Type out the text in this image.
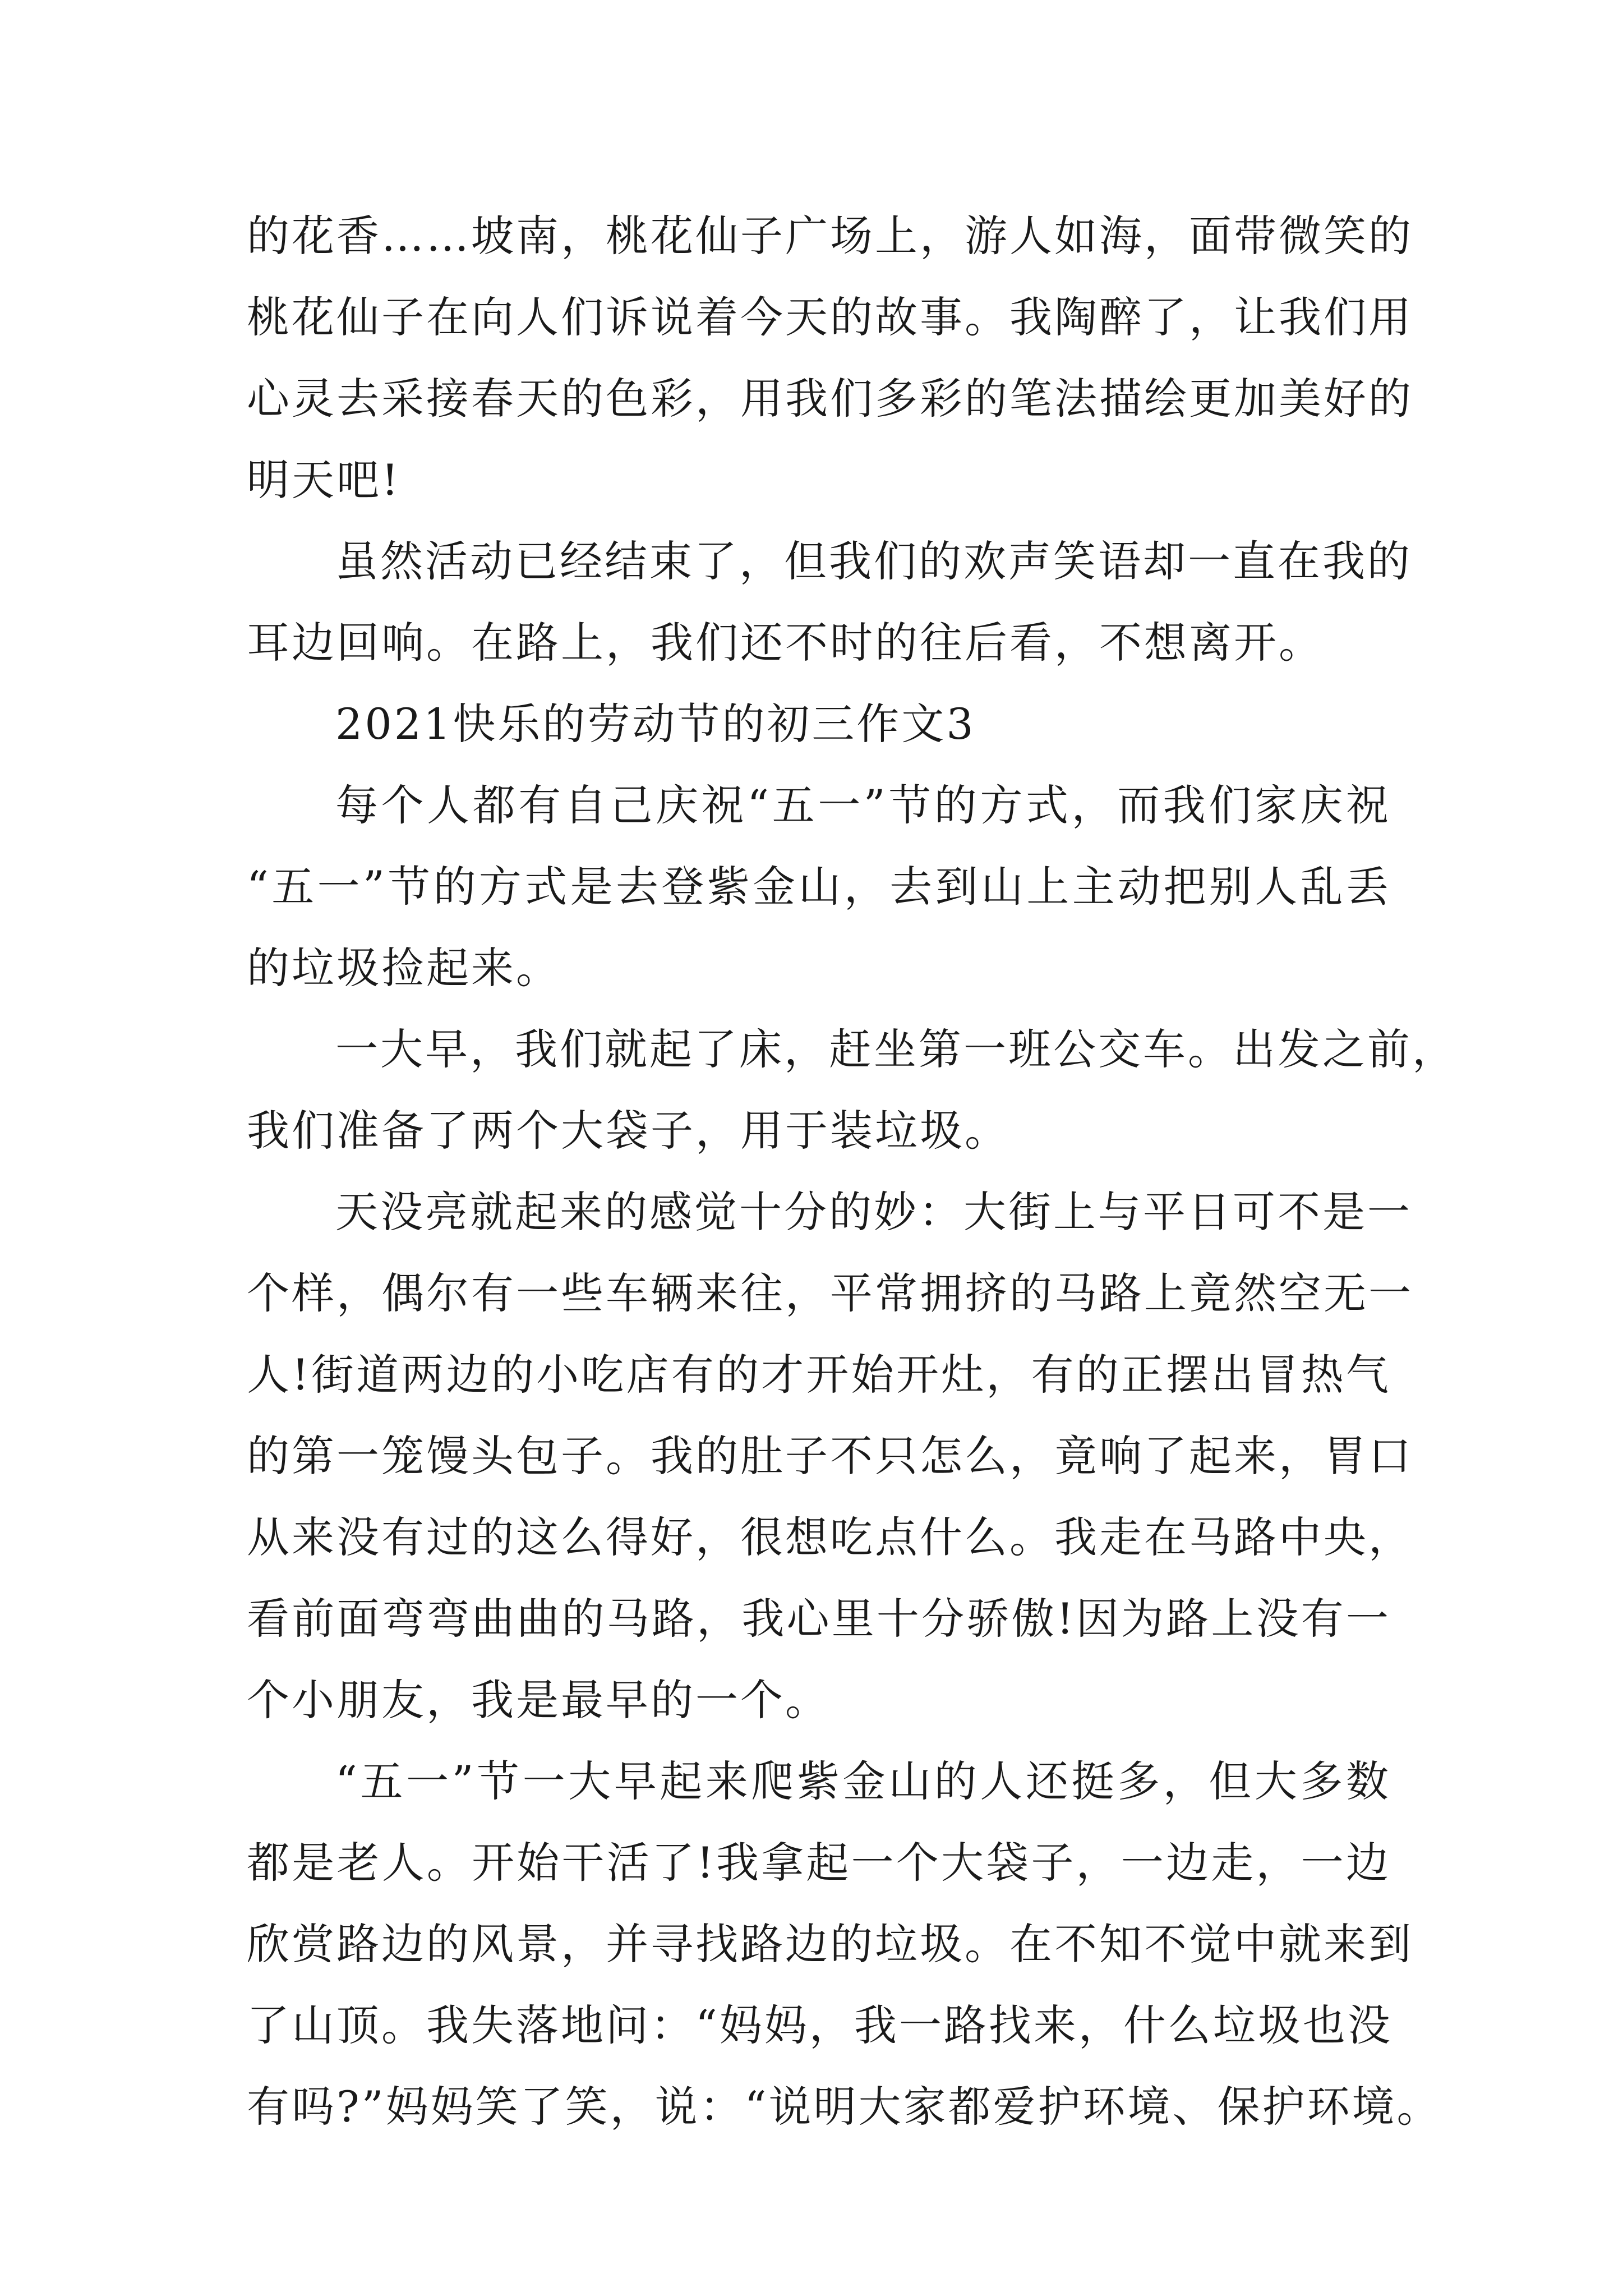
的花香……坡南，桃花仙子广场上，游人如海，面带微笑的
桃花仙子在向人们诉说着今天的故事。我陶醉了，让我们用
心灵去采接春天的色彩，用我们多彩的笔法描绘更加美好的
明天吧!
虽然活动已经结束了，但我们的欢声笑语却一直在我的
耳边回响。在路上，我们还不时的往后看，不想离开。
2021快乐的劳动节的初三作文3
每个人都有自己庆祝“五一”节的方式，而我们家庆祝
“五一”节的方式是去登紫金山，去到山上主动把别人乱丢
的垃圾捡起来。
一大早，我们就起了床，赶坐第一班公交车。出发之前，
我们准备了两个大袋子，用于装垃圾。
天没亮就起来的感觉十分的妙：大街上与平日可不是一
个样，偶尔有一些车辆来往，平常拥挤的马路上竟然空无一
人!街道两边的小吃店有的才开始开灶，有的正摆出冒热气
的第一笼馒头包子。我的肚子不只怎么，竟响了起来，胃口
从来没有过的这么得好，很想吃点什么。我走在马路中央，
看前面弯弯曲曲的马路，我心里十分骄傲!因为路上没有一
个小朋友，我是最早的一个。
“五一”节一大早起来爬紫金山的人还挺多，但大多数
都是老人。开始干活了!我拿起一个大袋子，一边走，一边
欣赏路边的风景，并寻找路边的垃圾。在不知不觉中就来到
了山顶。我失落地问：“妈妈，我一路找来，什么垃圾也没
有吗?”妈妈笑了笑，说：“说明大家都爱护环境、保护环境。
